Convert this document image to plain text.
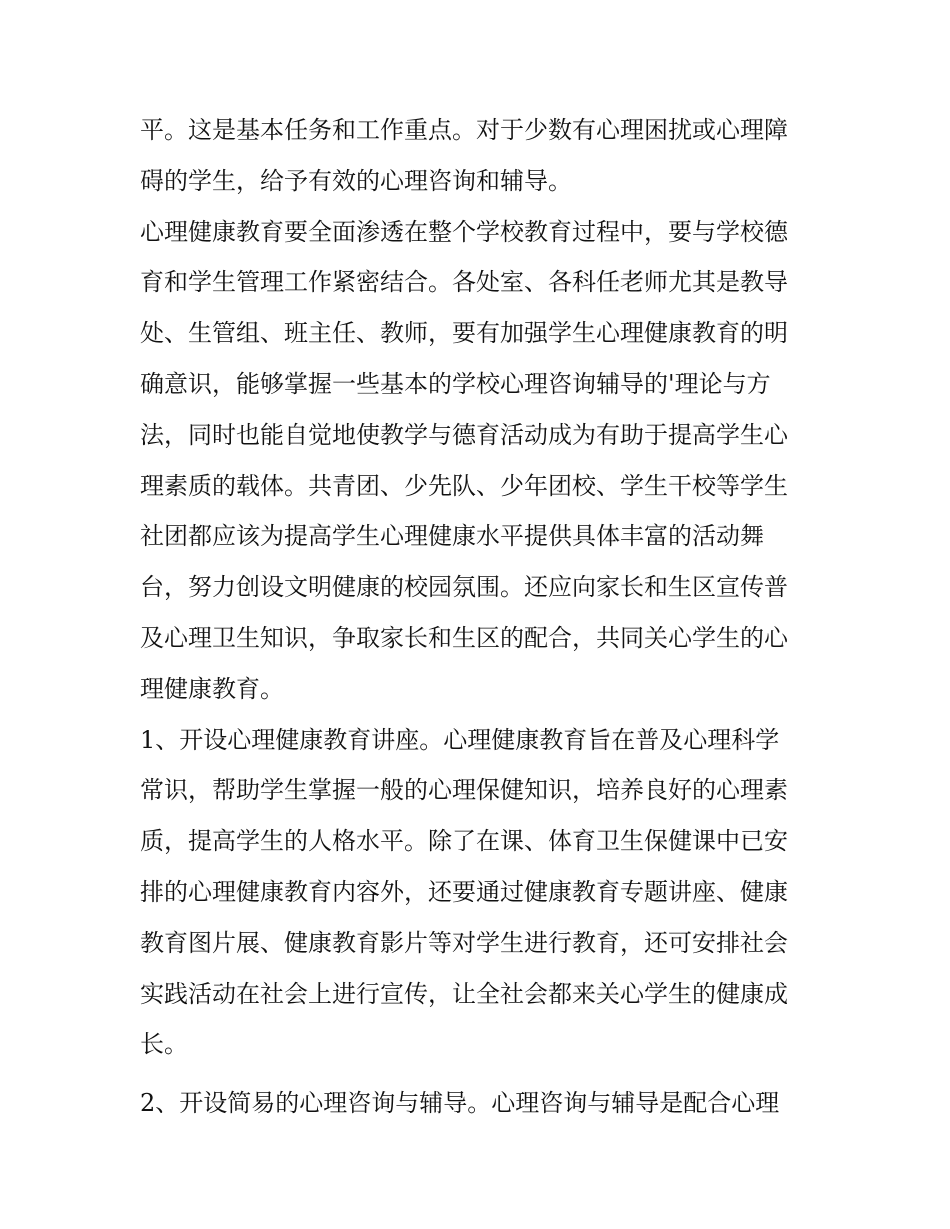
平。这是基本任务和工作重点。对于少数有心理困扰或心理障
碍的学生，给予有效的心理咨询和辅导。
心理健康教育要全面渗透在整个学校教育过程中，要与学校德
育和学生管理工作紧密结合。各处室、各科任老师尤其是教导
处、生管组、班主任、教师，要有加强学生心理健康教育的明
确意识，能够掌握一些基本的学校心理咨询辅导的'理论与方
法，同时也能自觉地使教学与德育活动成为有助于提高学生心
理素质的载体。共青团、少先队、少年团校、学生干校等学生
社团都应该为提高学生心理健康水平提供具体丰富的活动舞
台，努力创设文明健康的校园氛围。还应向家长和生区宣传普
及心理卫生知识，争取家长和生区的配合，共同关心学生的心
理健康教育。
1、开设心理健康教育讲座。心理健康教育旨在普及心理科学
常识，帮助学生掌握一般的心理保健知识，培养良好的心理素
质，提高学生的人格水平。除了在课、体育卫生保健课中已安
排的心理健康教育内容外，还要通过健康教育专题讲座、健康
教育图片展、健康教育影片等对学生进行教育，还可安排社会
实践活动在社会上进行宣传，让全社会都来关心学生的健康成
长。
2、开设简易的心理咨询与辅导。心理咨询与辅导是配合心理
